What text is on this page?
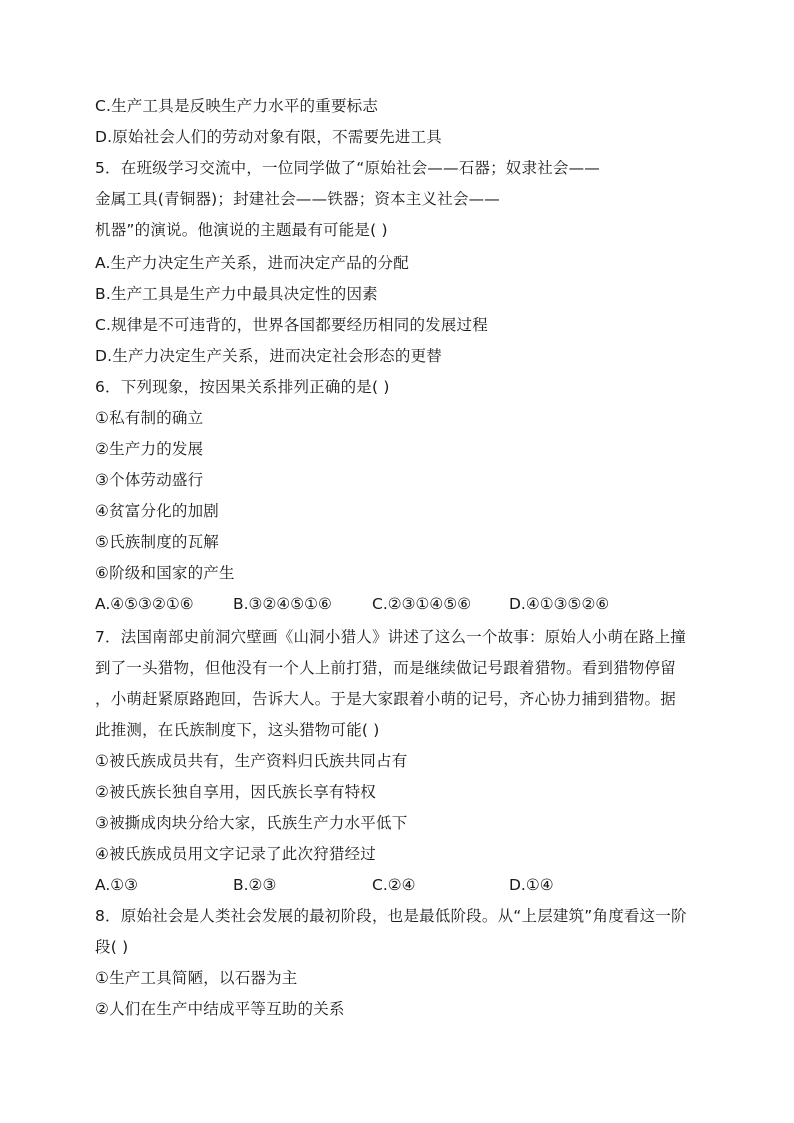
C.生产工具是反映生产力水平的重要标志
D.原始社会人们的劳动对象有限，不需要先进工具
5．在班级学习交流中，一位同学做了“原始社会——石器；奴隶社会——
金属工具(青铜器)；封建社会——铁器；资本主义社会——
机器”的演说。他演说的主题最有可能是( )
A.生产力决定生产关系，进而决定产品的分配
B.生产工具是生产力中最具决定性的因素
C.规律是不可违背的，世界各国都要经历相同的发展过程
D.生产力决定生产关系，进而决定社会形态的更替
6．下列现象，按因果关系排列正确的是( )
①私有制的确立
②生产力的发展
③个体劳动盛行
④贫富分化的加剧
⑤氏族制度的瓦解
⑥阶级和国家的产生
A.④⑤③②①⑥	B.③②④⑤①⑥	C.②③①④⑤⑥ D.④①③⑤②⑥
7．法国南部史前洞穴壁画《山洞小猎人》讲述了这么一个故事：原始人小萌在路上撞
到了一头猎物，但他没有一个人上前打猎，而是继续做记号跟着猎物。看到猎物停留
，小萌赶紧原路跑回，告诉大人。于是大家跟着小萌的记号，齐心协力捕到猎物。据
此推测，在氏族制度下，这头猎物可能( )
①被氏族成员共有，生产资料归氏族共同占有
②被氏族长独自享用，因氏族长享有特权
③被撕成肉块分给大家，氏族生产力水平低下
④被氏族成员用文字记录了此次狩猎经过
A.①③	B.②③	C.②④	D.①④
8．原始社会是人类社会发展的最初阶段，也是最低阶段。从“上层建筑”角度看这一阶
段( )
①生产工具简陋，以石器为主
②人们在生产中结成平等互助的关系
